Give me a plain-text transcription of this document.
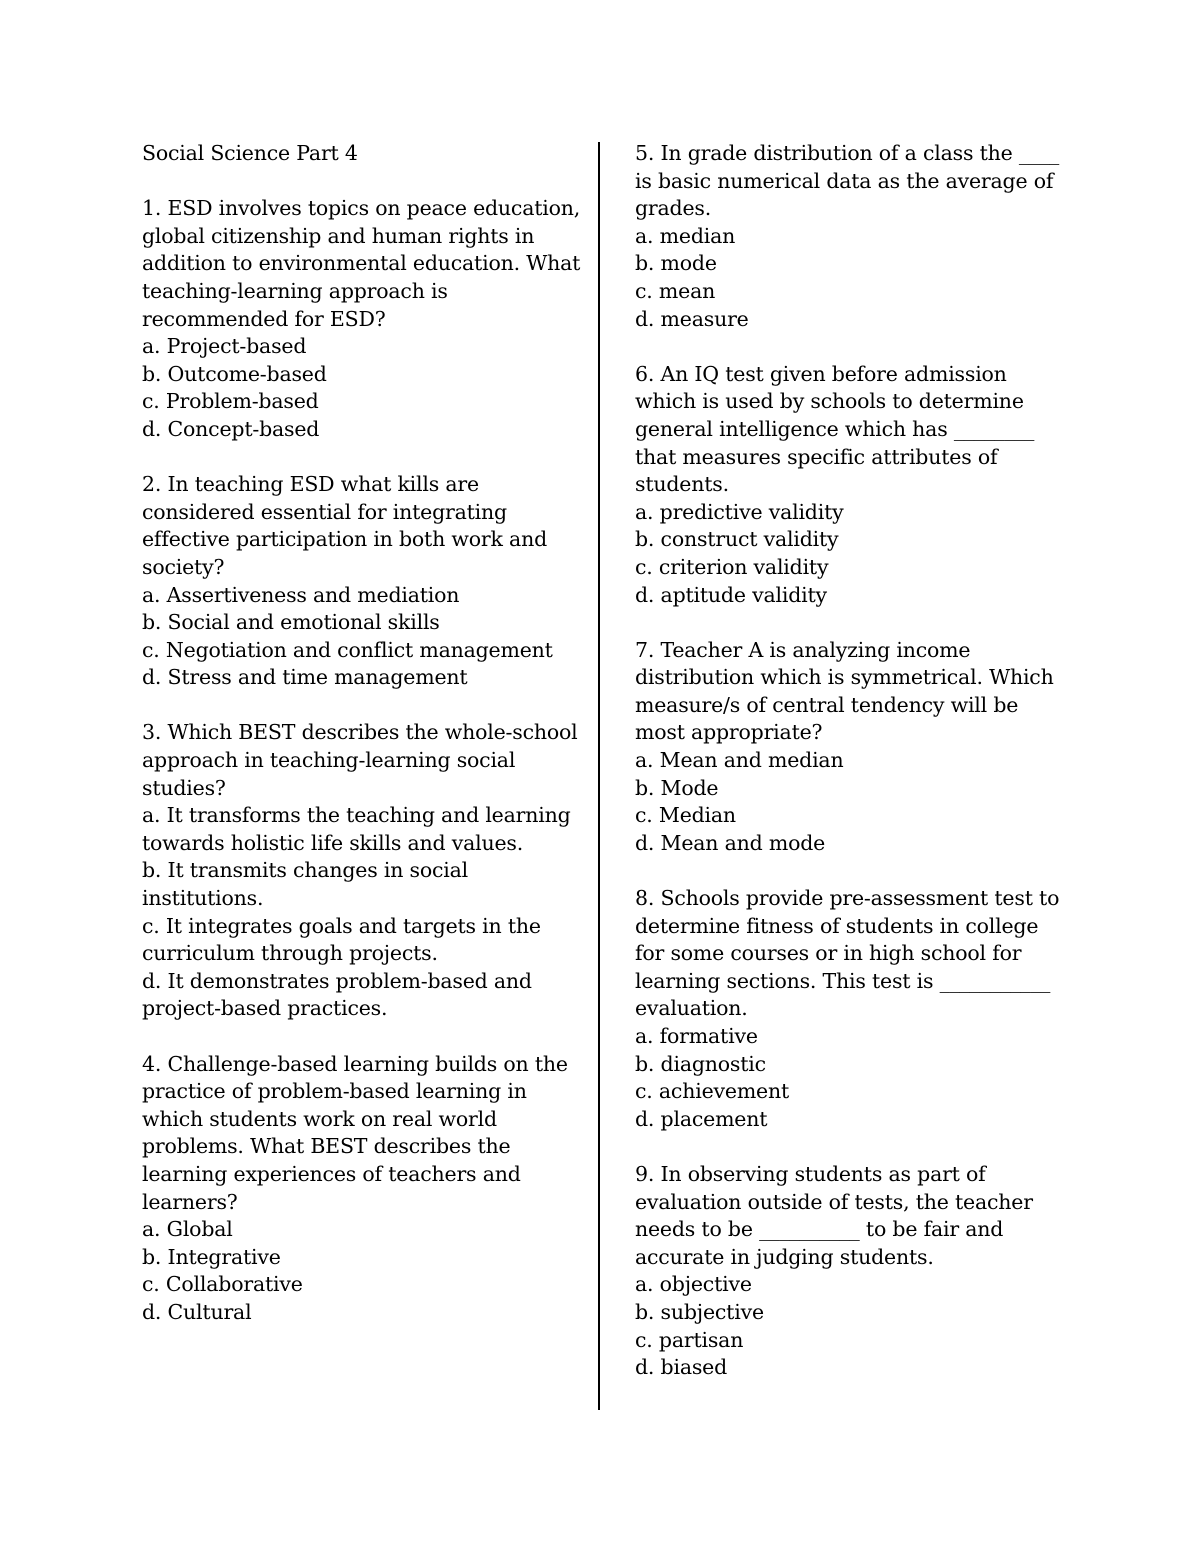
Social Science Part 4

1. ESD involves topics on peace education, global citizenship and human rights in addition to environmental education. What teaching-learning approach is recommended for ESD?

a. Project-based

b. Outcome-based

c. Problem-based

d. Concept-based

2. In teaching ESD what kills are considered essential for integrating effective participation in both work and society?

a. Assertiveness and mediation

b. Social and emotional skills

c. Negotiation and conflict management

d. Stress and time management

3. Which BEST describes the whole-school approach in teaching-learning social studies?

a. It transforms the teaching and learning towards holistic life skills and values.

b. It transmits changes in social institutions.

c. It integrates goals and targets in the curriculum through projects.

d. It demonstrates problem-based and project-based practices.

4. Challenge-based learning builds on the practice of problem-based learning in which students work on real world problems. What BEST describes the learning experiences of teachers and learners?

a. Global

b. Integrative

c. Collaborative

d. Cultural

5. In grade distribution of a class the ____ is basic numerical data as the average of grades.

a. median

b. mode

c. mean

d. measure

6. An IQ test given before admission which is used by schools to determine general intelligence which has ________ that measures specific attributes of students.

a. predictive validity

b. construct validity

c. criterion validity

d. aptitude validity

7. Teacher A is analyzing income distribution which is symmetrical. Which measure/s of central tendency will be most appropriate?

a. Mean and median

b. Mode

c. Median

d. Mean and mode

8. Schools provide pre-assessment test to determine fitness of students in college for some courses or in high school for learning sections. This test is ___________ evaluation.

a. formative

b. diagnostic

c. achievement

d. placement

9. In observing students as part of evaluation outside of tests, the teacher needs to be __________ to be fair and accurate in judging students.

a. objective

b. subjective

c. partisan

d. biased
